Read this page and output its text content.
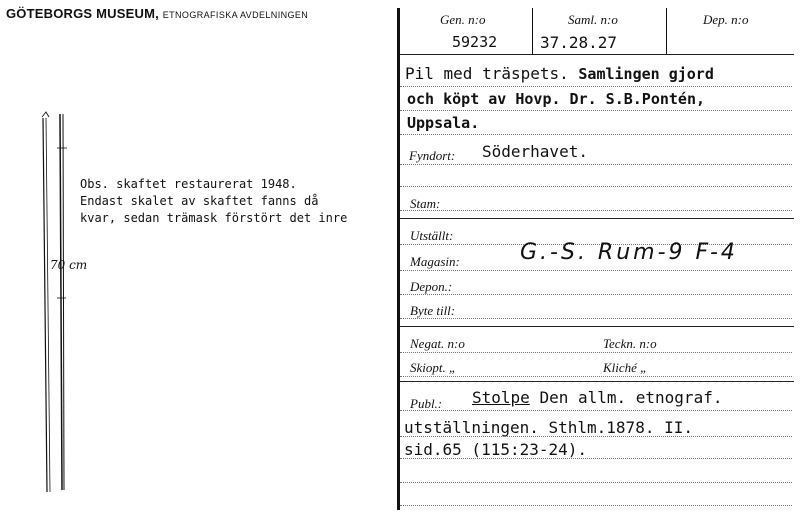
GÖTEBORGS MUSEUM, ETNOGRAFISKA AVDELNINGEN
70 cm
Obs. skaftet restaurerat 1948.
Endast skalet av skaftet fanns då
kvar, sedan trämask förstört det inre
Gen. n:o	Saml. n:o	Dep. n:o
59232	37.28.27
Pil med träspets. Samlingen gjord
och köpt av Hovp. Dr. S.B.Pontén,
Uppsala.
Fyndort: Söderhavet.
Stam:
Utställt:
Magasin:	G.-S. Rum-9 F-4
Depon.:
Byte till:
Negat. n:o	Teckn. n:o
Skiopt. „	Kliché „
Publ.: Stolpe Den allm. etnograf.
utställningen. Sthlm.1878. II.
sid.65 (115:23-24).
